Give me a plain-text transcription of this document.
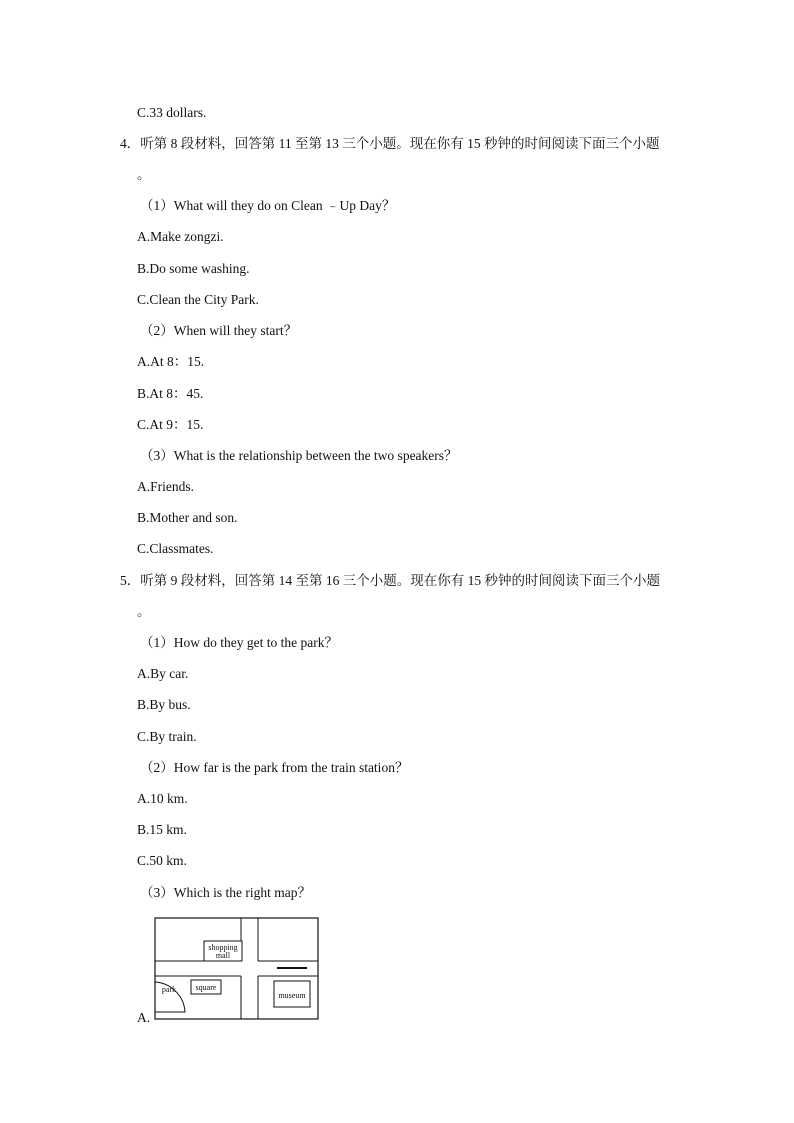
C.33 dollars.
4．听第 8 段材料，回答第 11 至第 13 三个小题。现在你有 15 秒钟的时间阅读下面三个小题
。
（1）What will they do on Clean ﹣Up Day？
A.Make zongzi.
B.Do some washing.
C.Clean the City Park.
（2）When will they start？
A.At 8：15.
B.At 8：45.
C.At 9：15.
（3）What is the relationship between the two speakers？
A.Friends.
B.Mother and son.
C.Classmates.
5．听第 9 段材料，回答第 14 至第 16 三个小题。现在你有 15 秒钟的时间阅读下面三个小题
。
（1）How do they get to the park？
A.By car.
B.By bus.
C.By train.
（2）How far is the park from the train station？
A.10 km.
B.15 km.
C.50 km.
（3）Which is the right map？
A.
shopping
mall
park square
museum
